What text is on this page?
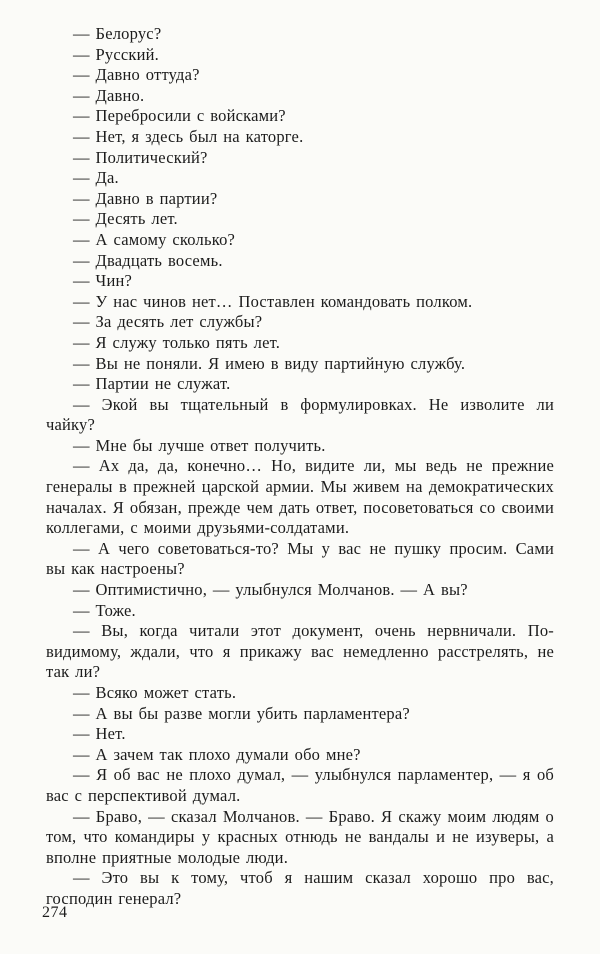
— Белорус?

— Русский.

— Давно оттуда?

— Давно.

— Перебросили с войсками?

— Нет, я здесь был на каторге.

— Политический?

— Да.

— Давно в партии?

— Десять лет.

— А самому сколько?

— Двадцать восемь.

— Чин?

— У нас чинов нет… Поставлен командовать полком.

— За десять лет службы?

— Я служу только пять лет.

— Вы не поняли. Я имею в виду партийную службу.

— Партии не служат.

— Экой вы тщательный в формулировках. Не изволите ли чайку?

— Мне бы лучше ответ получить.

— Ах да, да, конечно… Но, видите ли, мы ведь не прежние генералы в прежней царской армии. Мы живем на демократических началах. Я обязан, прежде чем дать ответ, посоветоваться со своими коллегами, с моими друзьями-солдатами.

— А чего советоваться-то? Мы у вас не пушку просим. Сами вы как настроены?

— Оптимистично, — улыбнулся Молчанов. — А вы?

— Тоже.

— Вы, когда читали этот документ, очень нервничали. По-видимому, ждали, что я прикажу вас немедленно расстрелять, не так ли?

— Всяко может стать.

— А вы бы разве могли убить парламентера?

— Нет.

— А зачем так плохо думали обо мне?

— Я об вас не плохо думал, — улыбнулся парламентер, — я об вас с перспективой думал.

— Браво, — сказал Молчанов. — Браво. Я скажу моим людям о том, что командиры у красных отнюдь не вандалы и не изуверы, а вполне приятные молодые люди.

— Это вы к тому, чтоб я нашим сказал хорошо про вас, господин генерал?

274
